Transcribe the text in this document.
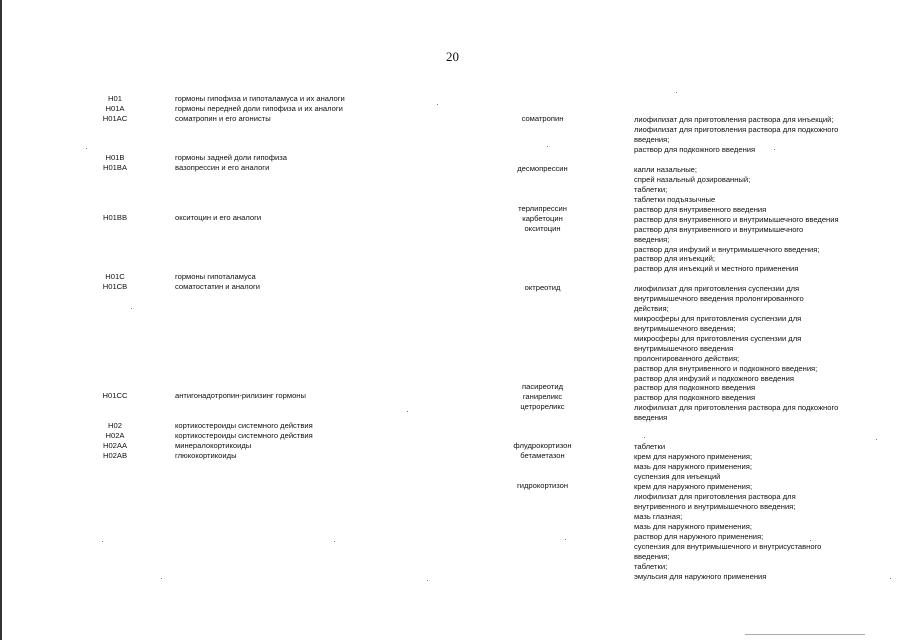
20
H01
H01A
H01AC
H01B
H01BA
H01BB
H01C
H01CB
H01CC
H02
H02A
H02AA
H02AB
гормоны гипофиза и гипоталамуса и их аналоги
гормоны передней доли гипофиза и их аналоги
соматропин и его агонисты
гормоны задней доли гипофиза
вазопрессин и его аналоги
окситоцин и его аналоги
гормоны гипоталамуса
соматостатин и аналоги
антигонадотропин-рилизинг гормоны
кортикостероиды системного действия
кортикостероиды системного действия
минералокортикоиды
глюкокортикоиды
соматропин
десмопрессин
терлипрессин
карбетоцин
окситоцин
октреотид
пасиреотид
ганиреликс
цетрореликс
флудрокортизон
бетаметазон
гидрокортизон
лиофилизат для приготовления раствора для инъекций;
лиофилизат для приготовления раствора для подкожного
введения;
раствор для подкожного введения
капли назальные;
спрей назальный дозированный;
таблетки;
таблетки подъязычные
раствор для внутривенного введения
раствор для внутривенного и внутримышечного введения
раствор для внутривенного и внутримышечного
введения;
раствор для инфузий и внутримышечного введения;
раствор для инъекций;
раствор для инъекций и местного применения
лиофилизат для приготовления суспензии для
внутримышечного введения пролонгированного
действия;
микросферы для приготовления суспензии для
внутримышечного введения;
микросферы для приготовления суспензии для
внутримышечного введения
пролонгированного действия;
раствор для внутривенного и подкожного введения;
раствор для инфузий и подкожного введения
раствор для подкожного введения
раствор для подкожного введения
лиофилизат для приготовления раствора для подкожного
введения
таблетки
крем для наружного применения;
мазь для наружного применения;
суспензия для инъекций
крем для наружного применения;
лиофилизат для приготовления раствора для
внутривенного и внутримышечного введения;
мазь глазная;
мазь для наружного применения;
раствор для наружного применения;
суспензия для внутримышечного и внутрисуставного
введения;
таблетки;
эмульсия для наружного применения
